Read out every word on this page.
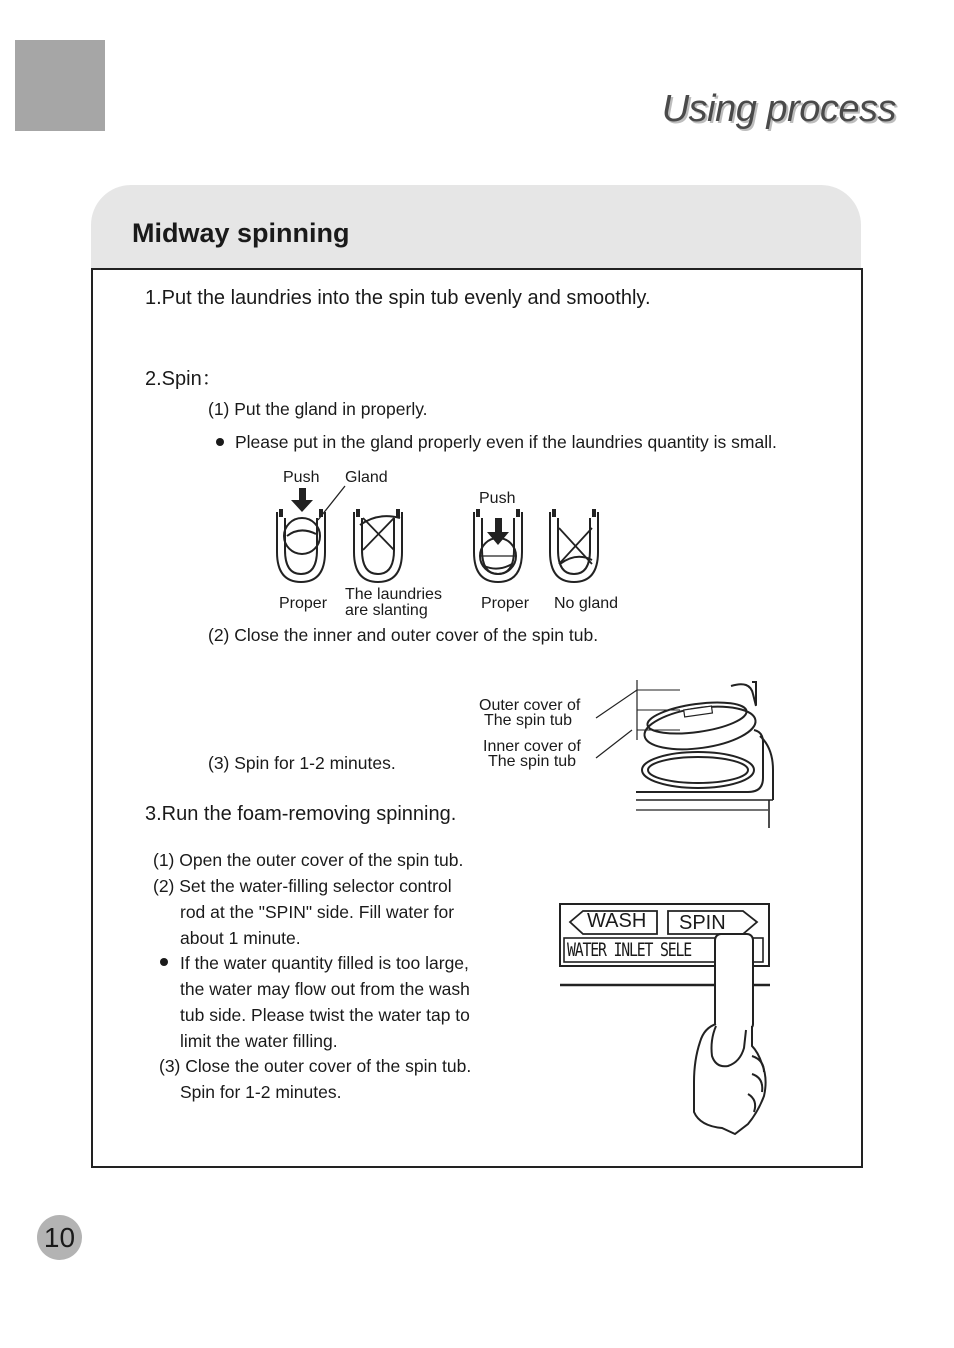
Using process
Midway spinning
1.Put the laundries into the spin tub evenly and smoothly.
2.Spin：
(1) Put the gland in properly.
Please put in the gland properly even if the laundries quantity is small.
Push Gland
Push
Proper
The laundries
are slanting	Proper No gland
(2) Close the inner and outer cover of the spin tub.
Outer cover of
The spin tub
Inner cover of
The spin tub
(3) Spin for 1-2 minutes.
3.Run the foam-removing spinning.
(1) Open the outer cover of the spin tub.
(2) Set the water-filling selector control
rod at the "SPIN" side. Fill water for
about 1 minute.
If the water quantity filled is too large,
the water may flow out from the wash
tub side. Please twist the water tap to
limit the water filling.
(3) Close the outer cover of the spin tub.
Spin for 1-2 minutes.
WASH SPIN
WATER INLET SELE
10
